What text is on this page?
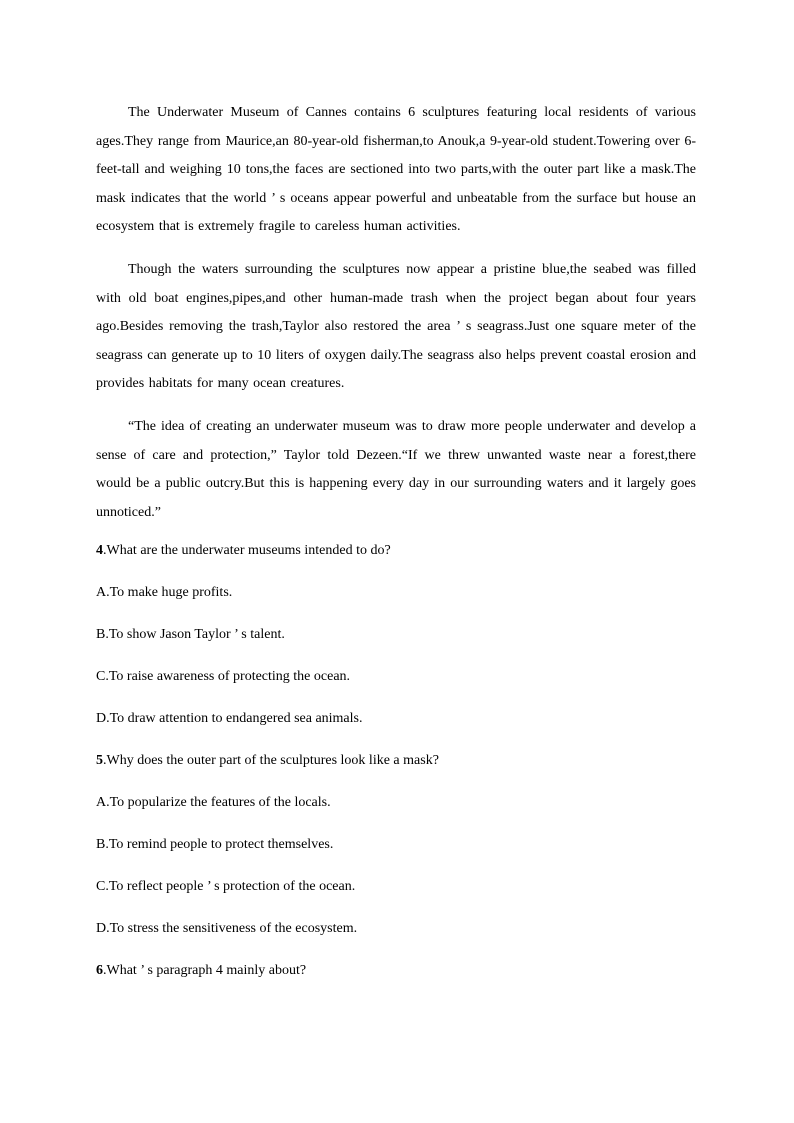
The Underwater Museum of Cannes contains 6 sculptures featuring local residents of various ages.They range from Maurice,an 80-year-old fisherman,to Anouk,a 9-year-old student.Towering over 6-feet-tall and weighing 10 tons,the faces are sectioned into two parts,with the outer part like a mask.The mask indicates that the world ’ s oceans appear powerful and unbeatable from the surface but house an ecosystem that is extremely fragile to careless human activities.

Though the waters surrounding the sculptures now appear a pristine blue,the seabed was filled with old boat engines,pipes,and other human-made trash when the project began about four years ago.Besides removing the trash,Taylor also restored the area ’ s seagrass.Just one square meter of the seagrass can generate up to 10 liters of oxygen daily.The seagrass also helps prevent coastal erosion and provides habitats for many ocean creatures.

“The idea of creating an underwater museum was to draw more people underwater and develop a sense of care and protection,” Taylor told Dezeen.“If we threw unwanted waste near a forest,there would be a public outcry.But this is happening every day in our surrounding waters and it largely goes unnoticed.”

4.What are the underwater museums intended to do?
A.To make huge profits.
B.To show Jason Taylor ’ s talent.
C.To raise awareness of protecting the ocean.
D.To draw attention to endangered sea animals.
5.Why does the outer part of the sculptures look like a mask?
A.To popularize the features of the locals.
B.To remind people to protect themselves.
C.To reflect people ’ s protection of the ocean.
D.To stress the sensitiveness of the ecosystem.
6.What ’ s paragraph 4 mainly about?
